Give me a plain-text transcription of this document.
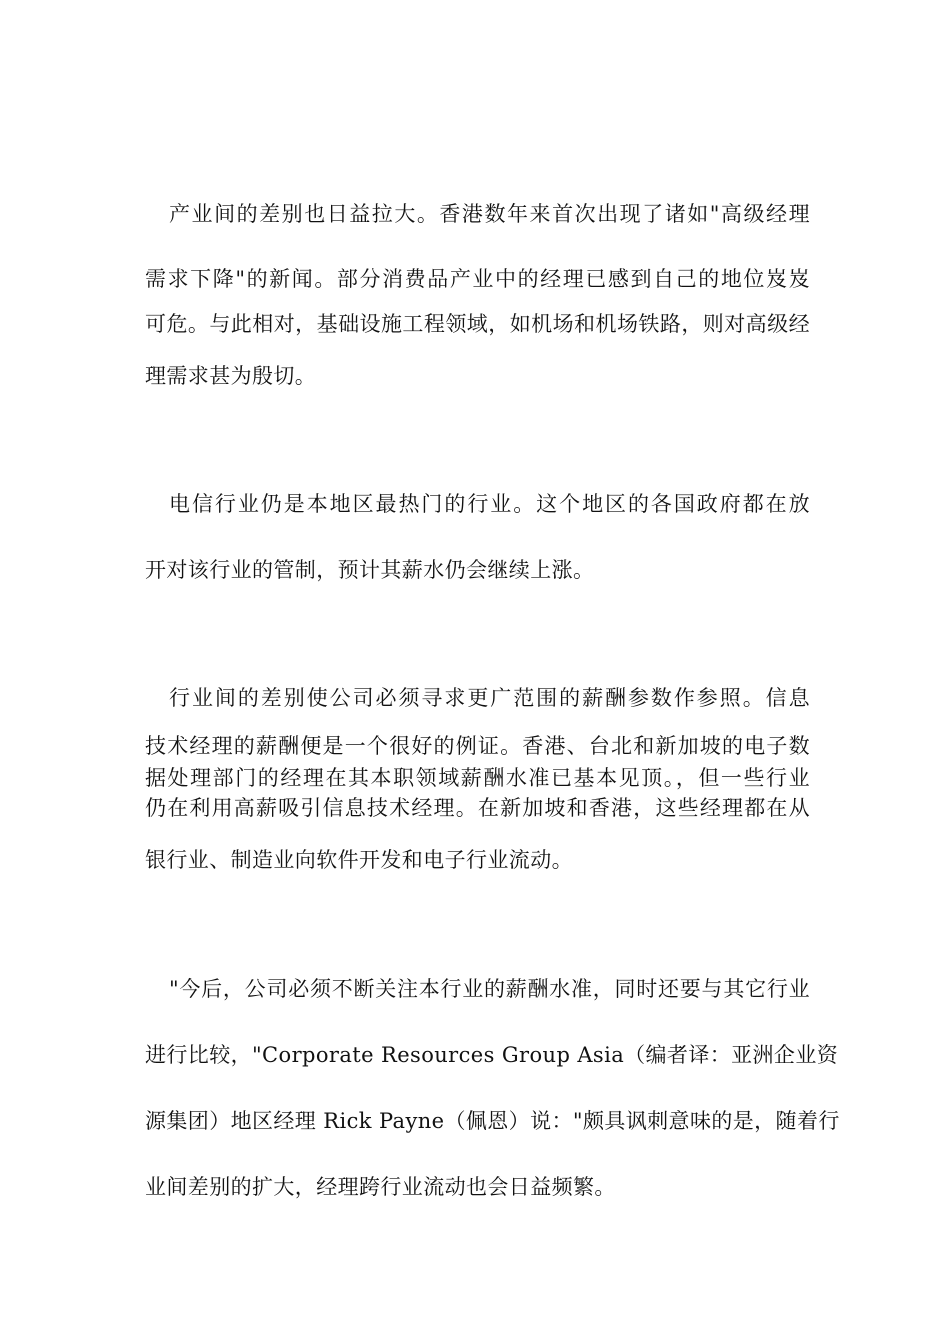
产业间的差别也日益拉大。香港数年来首次出现了诸如"高级经理
需求下降"的新闻。部分消费品产业中的经理已感到自己的地位岌岌
可危。与此相对，基础设施工程领域，如机场和机场铁路，则对高级经
理需求甚为殷切。
电信行业仍是本地区最热门的行业。这个地区的各国政府都在放
开对该行业的管制，预计其薪水仍会继续上涨。
行业间的差别使公司必须寻求更广范围的薪酬参数作参照。信息
技术经理的薪酬便是一个很好的例证。香港、台北和新加坡的电子数
据处理部门的经理在其本职领域薪酬水准已基本见顶。，但一些行业
仍在利用高薪吸引信息技术经理。在新加坡和香港，这些经理都在从
银行业、制造业向软件开发和电子行业流动。
"今后，公司必须不断关注本行业的薪酬水准，同时还要与其它行业
进行比较，"Corporate Resources Group Asia（编者译：亚洲企业资
源集团）地区经理 Rick Payne（佩恩）说："颇具讽刺意味的是，随着行
业间差别的扩大，经理跨行业流动也会日益频繁。
